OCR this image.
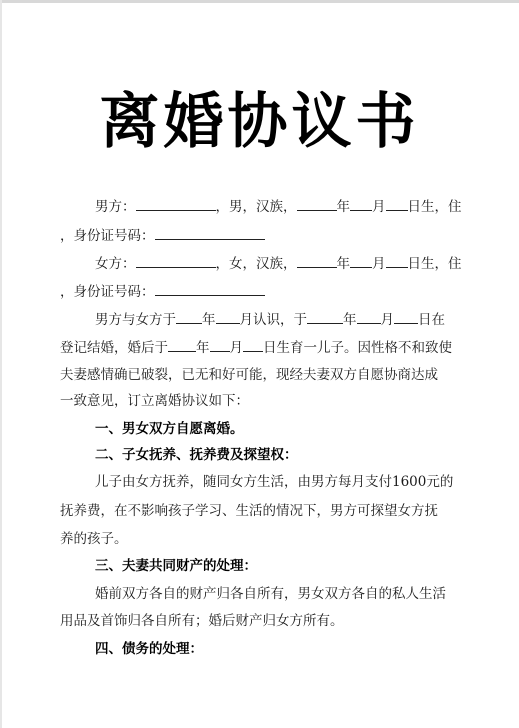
离婚协议书
男方：	，男，汉族，	年 月 日生，住
，身份证号码：
女方：	，女，汉族，	年 月 日生，住
，身份证号码：
男方与女方于 年 月认识，于	年 月 日在
登记结婚，婚后于 年 月 日生育一儿子。因性格不和致使
夫妻感情确已破裂，已无和好可能，现经夫妻双方自愿协商达成
一致意见，订立离婚协议如下：
一、男女双方自愿离婚。
二、子女抚养、抚养费及探望权：
儿子由女方抚养，随同女方生活，由男方每月支付1600元的
抚养费，在不影响孩子学习、生活的情况下，男方可探望女方抚
养的孩子。
三、夫妻共同财产的处理：
婚前双方各自的财产归各自所有，男女双方各自的私人生活
用品及首饰归各自所有；婚后财产归女方所有。
四、债务的处理：
